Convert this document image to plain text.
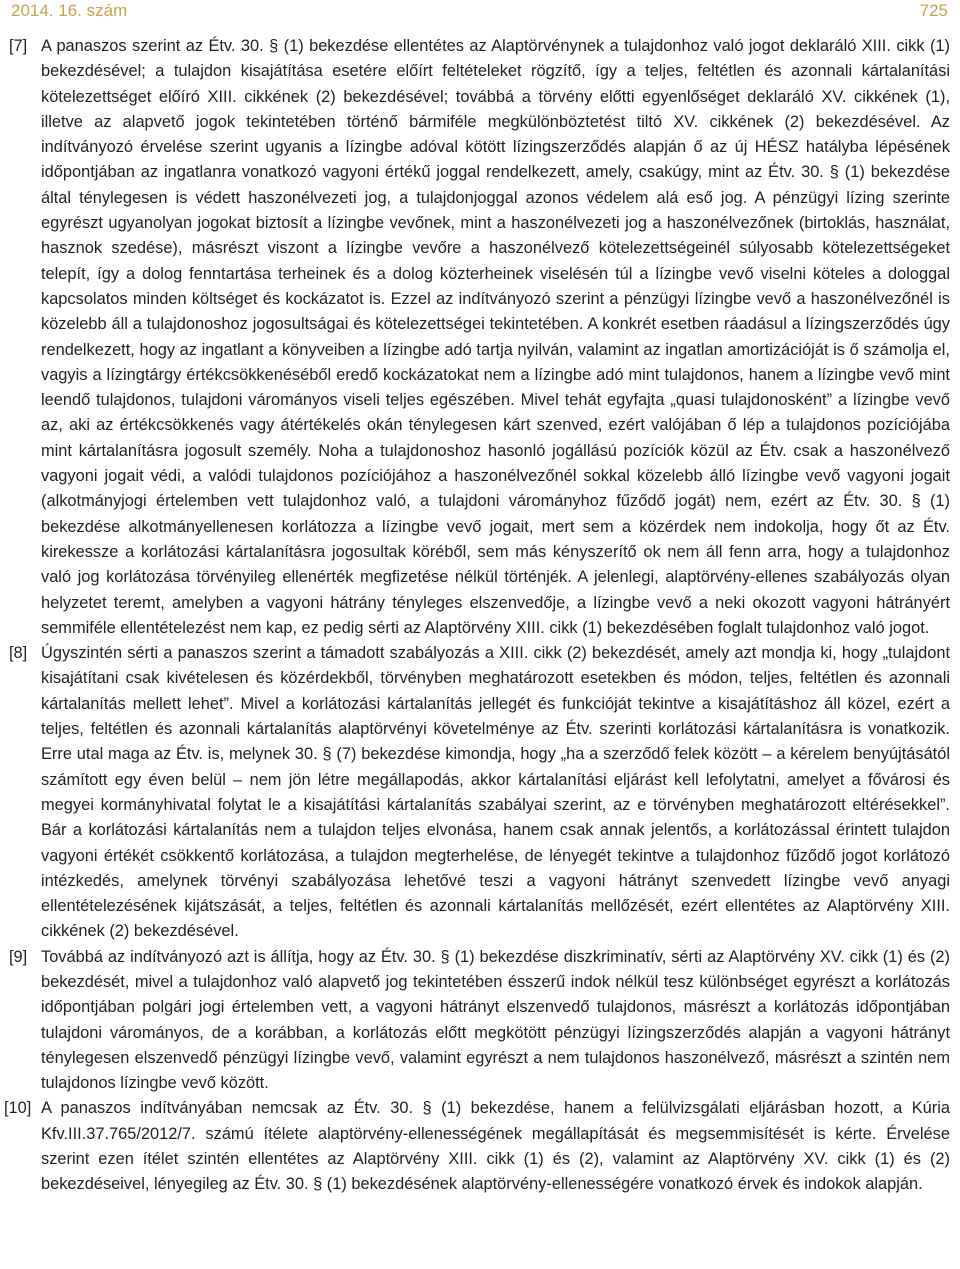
2014. 16. szám	725

[7] A panaszos szerint az Étv. 30. § (1) bekezdése ellentétes az Alaptörvénynek a tulajdonhoz való jogot deklaráló XIII. cikk (1) bekezdésével; a tulajdon kisajátítása esetére előírt feltételeket rögzítő, így a teljes, feltétlen és azonnali kártalanítási kötelezettséget előíró XIII. cikkének (2) bekezdésével; továbbá a törvény előtti egyenlőséget deklaráló XV. cikkének (1), illetve az alapvető jogok tekintetében történő bármiféle megkülönböztetést tiltó XV. cikkének (2) bekezdésével. Az indítványozó érvelése szerint ugyanis a lízingbe adóval kötött lízingszerződés alapján ő az új HÉSZ hatályba lépésének időpontjában az ingatlanra vonatkozó vagyoni értékű joggal rendelkezett, amely, csakúgy, mint az Étv. 30. § (1) bekezdése által ténylegesen is védett haszonélvezeti jog, a tulajdonjoggal azonos védelem alá eső jog. A pénzügyi lízing szerinte egyrészt ugyanolyan jogokat biztosít a lízingbe vevőnek, mint a haszonélvezeti jog a haszonélvezőnek (birtoklás, használat, hasznok szedése), másrészt viszont a lízingbe vevőre a haszonélvező kötelezettségeinél súlyosabb kötelezettségeket telepít, így a dolog fenntartása terheinek és a dolog közterheinek viselésén túl a lízingbe vevő viselni köteles a dologgal kapcsolatos minden költséget és kockázatot is. Ezzel az indítványozó szerint a pénzügyi lízingbe vevő a haszonélvezőnél is közelebb áll a tulajdonoshoz jogosultságai és kötelezettségei tekintetében. A konkrét esetben ráadásul a lízingszerződés úgy rendelkezett, hogy az ingatlant a könyveiben a lízingbe adó tartja nyilván, valamint az ingatlan amortizációját is ő számolja el, vagyis a lízingtárgy értékcsökkenéséből eredő kockázatokat nem a lízingbe adó mint tulajdonos, hanem a lízingbe vevő mint leendő tulajdonos, tulajdoni várományos viseli teljes egészében. Mivel tehát egyfajta „quasi tulajdonosként” a lízingbe vevő az, aki az értékcsökkenés vagy átértékelés okán ténylegesen kárt szenved, ezért valójában ő lép a tulajdonos pozíciójába mint kártalanításra jogosult személy. Noha a tulajdonoshoz hasonló jogállású pozíciók közül az Étv. csak a haszonélvező vagyoni jogait védi, a valódi tulajdonos pozíciójához a haszonélvezőnél sokkal közelebb álló lízingbe vevő vagyoni jogait (alkotmányjogi értelemben vett tulajdonhoz való, a tulajdoni várományhoz fűződő jogát) nem, ezért az Étv. 30. § (1) bekezdése alkotmányellenesen korlátozza a lízingbe vevő jogait, mert sem a közérdek nem indokolja, hogy őt az Étv. kirekessze a korlátozási kártalanításra jogosultak köréből, sem más kényszerítő ok nem áll fenn arra, hogy a tulajdonhoz való jog korlátozása törvényileg ellenérték megfizetése nélkül történjék. A jelenlegi, alaptörvény-ellenes szabályozás olyan helyzetet teremt, amelyben a vagyoni hátrány tényleges elszenvedője, a lízingbe vevő a neki okozott vagyoni hátrányért semmiféle ellentételezést nem kap, ez pedig sérti az Alaptörvény XIII. cikk (1) bekezdésében foglalt tulajdonhoz való jogot.

[8] Úgyszintén sérti a panaszos szerint a támadott szabályozás a XIII. cikk (2) bekezdését, amely azt mondja ki, hogy „tulajdont kisajátítani csak kivételesen és közérdekből, törvényben meghatározott esetekben és módon, teljes, feltétlen és azonnali kártalanítás mellett lehet”. Mivel a korlátozási kártalanítás jellegét és funkcióját tekintve a kisajátításhoz áll közel, ezért a teljes, feltétlen és azonnali kártalanítás alaptörvényi követelménye az Étv. szerinti korlátozási kártalanításra is vonatkozik. Erre utal maga az Étv. is, melynek 30. § (7) bekezdése kimondja, hogy „ha a szerződő felek között – a kérelem benyújtásától számított egy éven belül – nem jön létre megállapodás, akkor kártalanítási eljárást kell lefolytatni, amelyet a fővárosi és megyei kormányhivatal folytat le a kisajátítási kártalanítás szabályai szerint, az e törvényben meghatározott eltérésekkel”. Bár a korlátozási kártalanítás nem a tulajdon teljes elvonása, hanem csak annak jelentős, a korlátozással érintett tulajdon vagyoni értékét csökkentő korlátozása, a tulajdon megterhelése, de lényegét tekintve a tulajdonhoz fűződő jogot korlátozó intézkedés, amelynek törvényi szabályozása lehetővé teszi a vagyoni hátrányt szenvedett lízingbe vevő anyagi ellentételezésének kijátszását, a teljes, feltétlen és azonnali kártalanítás mellőzését, ezért ellentétes az Alaptörvény XIII. cikkének (2) bekezdésével.

[9] Továbbá az indítványozó azt is állítja, hogy az Étv. 30. § (1) bekezdése diszkriminatív, sérti az Alaptörvény XV. cikk (1) és (2) bekezdését, mivel a tulajdonhoz való alapvető jog tekintetében ésszerű indok nélkül tesz különbséget egyrészt a korlátozás időpontjában polgári jogi értelemben vett, a vagyoni hátrányt elszenvedő tulajdonos, másrészt a korlátozás időpontjában tulajdoni várományos, de a korábban, a korlátozás előtt megkötött pénzügyi lízingszerződés alapján a vagyoni hátrányt ténylegesen elszenvedő pénzügyi lízingbe vevő, valamint egyrészt a nem tulajdonos haszonélvező, másrészt a szintén nem tulajdonos lízingbe vevő között.

[10] A panaszos indítványában nemcsak az Étv. 30. § (1) bekezdése, hanem a felülvizsgálati eljárásban hozott, a Kúria Kfv.III.37.765/2012/7. számú ítélete alaptörvény-ellenességének megállapítását és megsemmisítését is kérte. Érvelése szerint ezen ítélet szintén ellentétes az Alaptörvény XIII. cikk (1) és (2), valamint az Alaptörvény XV. cikk (1) és (2) bekezdéseivel, lényegileg az Étv. 30. § (1) bekezdésének alaptörvény-ellenességére vonatkozó érvek és indokok alapján.
